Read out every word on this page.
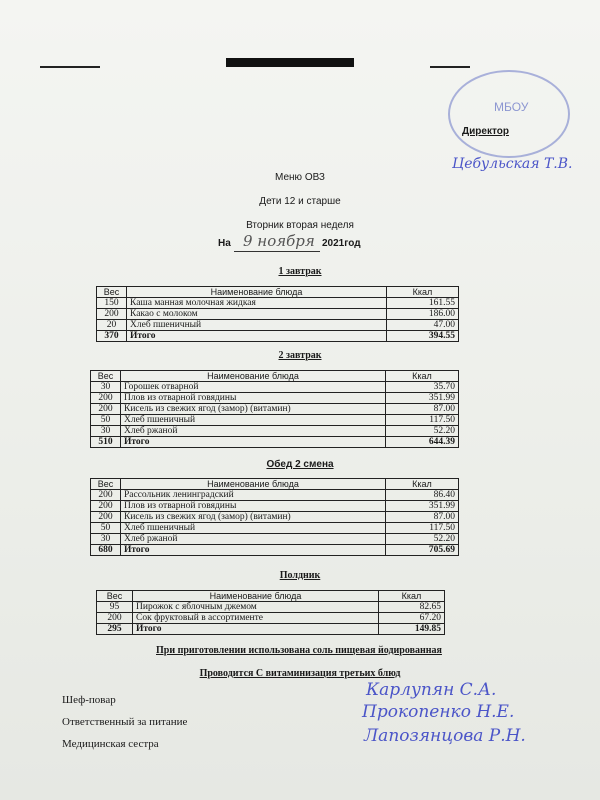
МБОУ
Директор
Цебульская Т.В.
Меню ОВЗ
Дети 12 и старше
Вторник вторая неделя
На 9 ноября 2021год
1 завтрак
Вес	Наименование блюда	Ккал
150	Каша манная молочная жидкая	161.55
200	Какао с молоком	186.00
20	Хлеб пшеничный	47.00
370	Итого	394.55
2 завтрак
Вес	Наименование блюда	Ккал
30	Горошек отварной	35.70
200	Плов из отварной говядины	351.99
200	Кисель из свежих ягод (замор) (витамин)	87.00
50	Хлеб пшеничный	117.50
30	Хлеб ржаной	52.20
510	Итого	644.39
Обед 2 смена
Вес	Наименование блюда	Ккал
200	Рассольник ленинградский	86.40
200	Плов из отварной говядины	351.99
200	Кисель из свежих ягод (замор) (витамин)	87.00
50	Хлеб пшеничный	117.50
30	Хлеб ржаной	52.20
680	Итого	705.69
Полдник
Вес	Наименование блюда	Ккал
95	Пирожок с яблочным джемом	82.65
200	Сок фруктовый в ассортименте	67.20
295	Итого	149.85
При приготовлении использована соль пищевая йодированная
Проводится С витаминизация третьих блюд
Шеф-повар	Карлупян С.А.
Ответственный за питание	Прокопенко Н.Е.
Медицинская сестра	Лапозянцова Р.Н.
